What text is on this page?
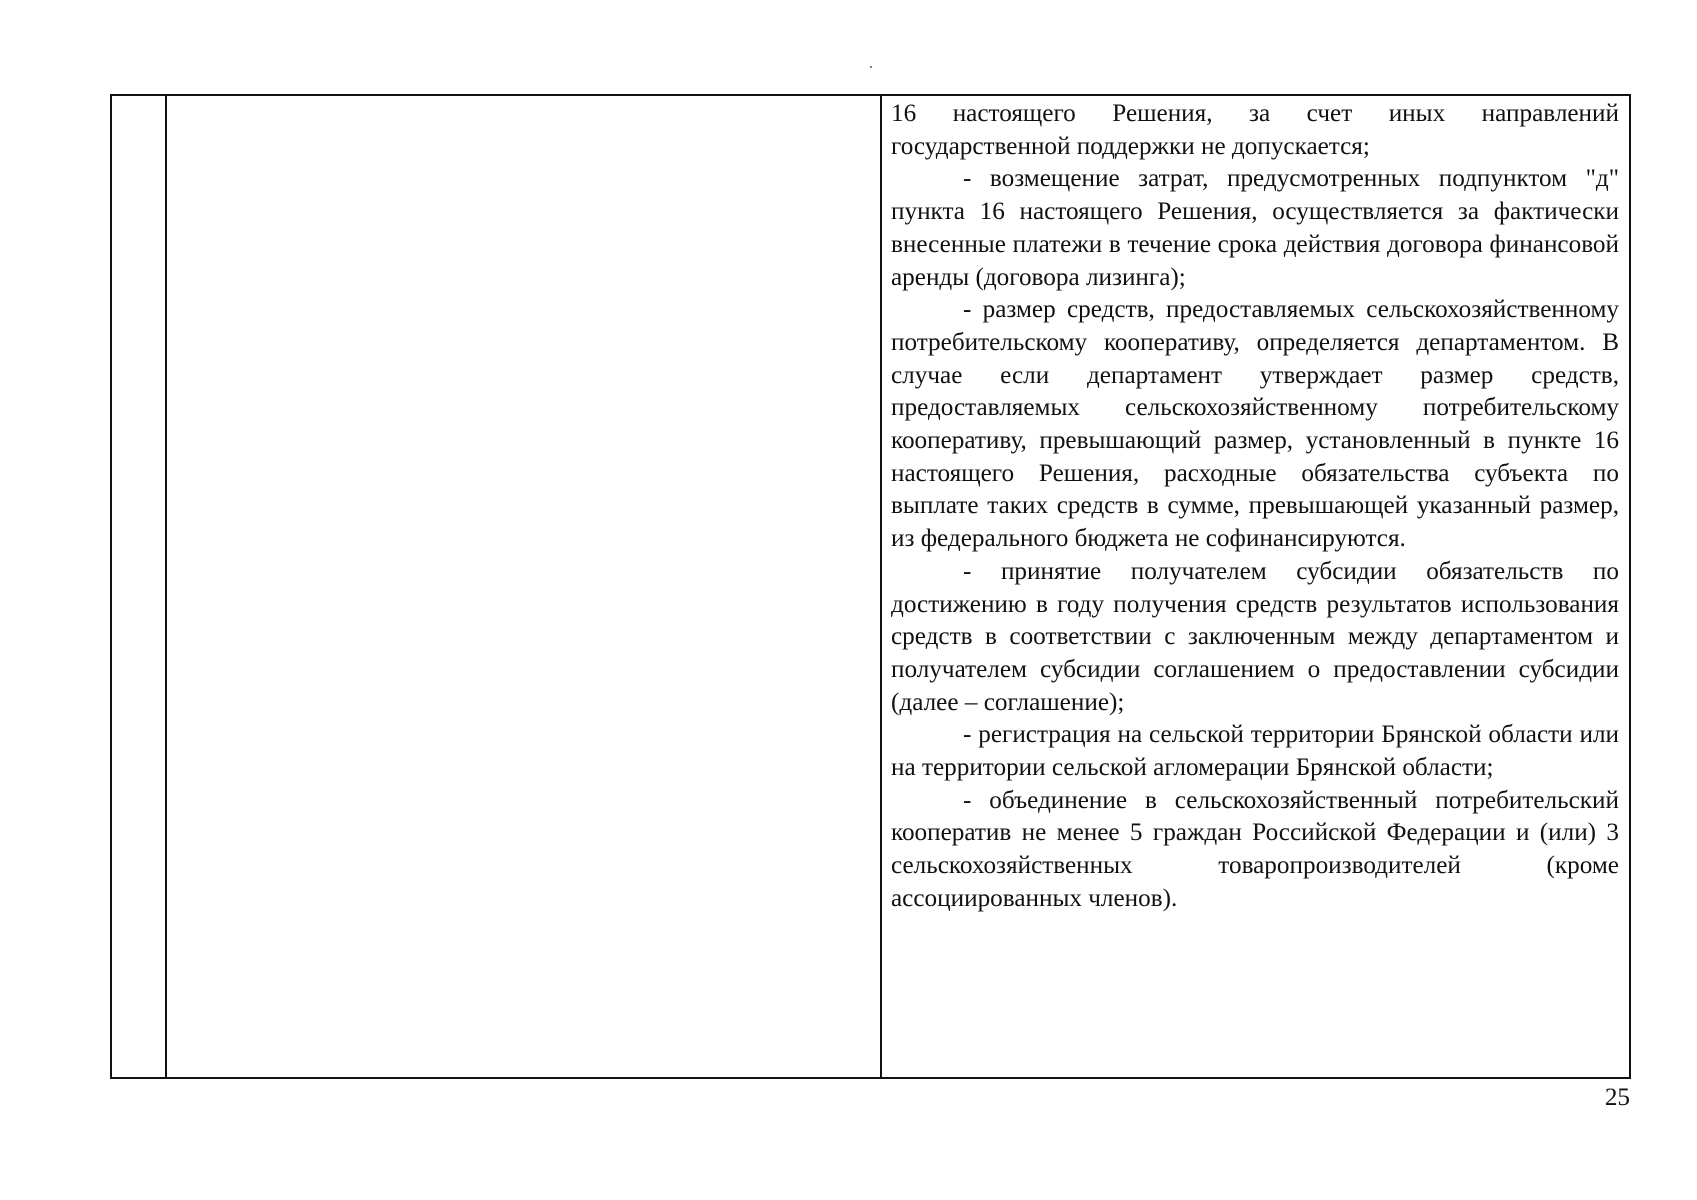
16 настоящего Решения, за счет иных направлений государственной поддержки не допускается;

- возмещение затрат, предусмотренных подпунктом "д" пункта 16 настоящего Решения, осуществляется за фактически внесенные платежи в течение срока действия договора финансовой аренды (договора лизинга);

- размер средств, предоставляемых сельскохозяйственному потребительскому кооперативу, определяется департаментом. В случае если департамент утверждает размер средств, предоставляемых сельскохозяйственному потребительскому кооперативу, превышающий размер, установленный в пункте 16 настоящего Решения, расходные обязательства субъекта по выплате таких средств в сумме, превышающей указанный размер, из федерального бюджета не софинансируются.

- принятие получателем субсидии обязательств по достижению в году получения средств результатов использования средств в соответствии с заключенным между департаментом и получателем субсидии соглашением о предоставлении субсидии (далее – соглашение);

- регистрация на сельской территории Брянской области или на территории сельской агломерации Брянской области;

- объединение в сельскохозяйственный потребительский кооператив не менее 5 граждан Российской Федерации и (или) 3 сельскохозяйственных товаропроизводителей (кроме ассоциированных членов).

25
